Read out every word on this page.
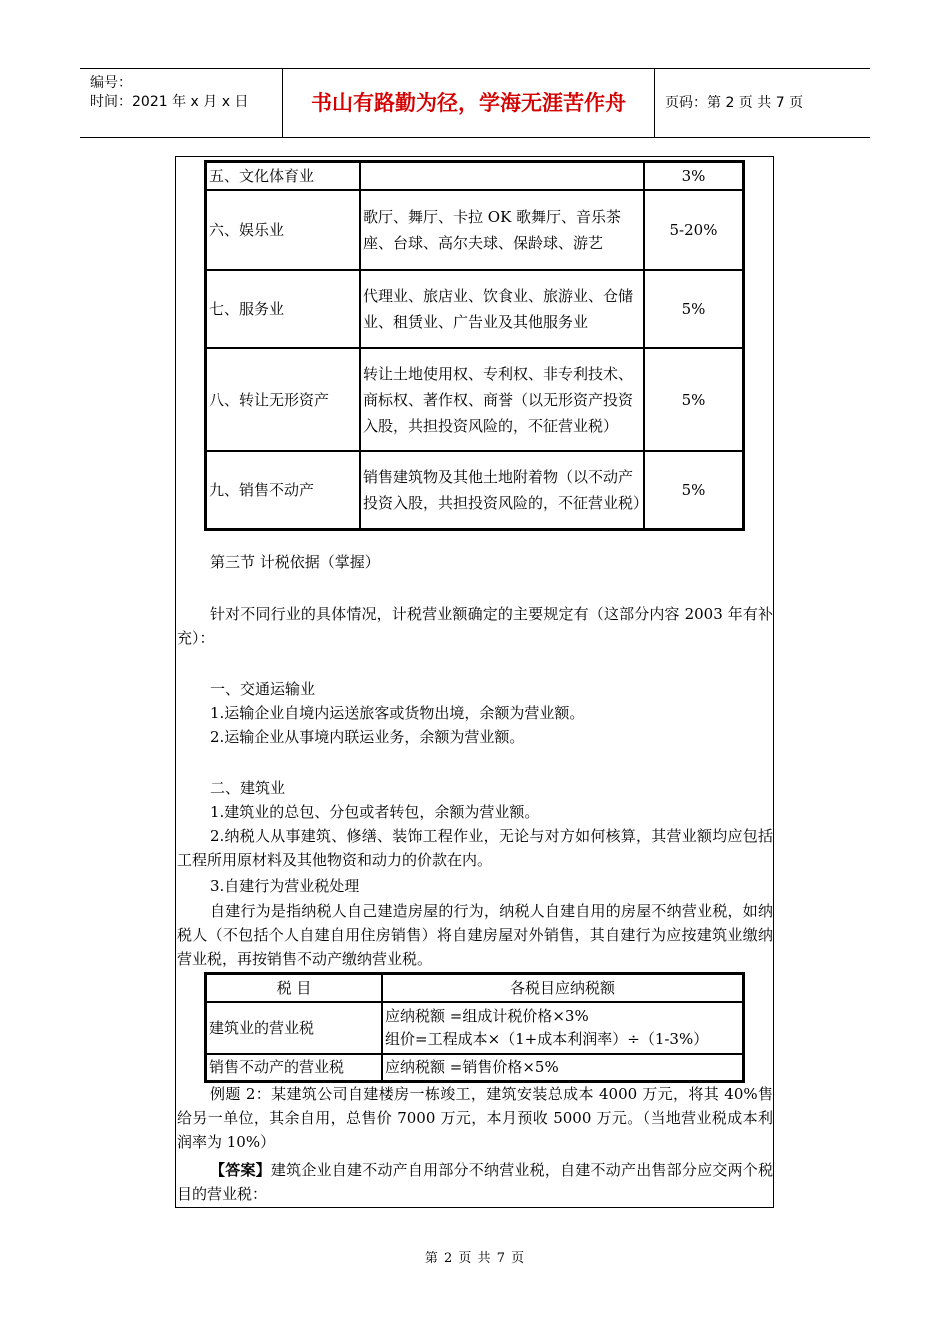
编号：
时间：2021 年 x 月 x 日	书山有路勤为径，学海无涯苦作舟	页码：第 2 页 共 7 页
五、文化体育业		3%
六、娱乐业	歌厅、舞厅、卡拉 OK 歌舞厅、音乐茶座、台球、高尔夫球、保龄球、游艺	5-20%
七、服务业	代理业、旅店业、饮食业、旅游业、仓储业、租赁业、广告业及其他服务业	5%
八、转让无形资产	转让土地使用权、专利权、非专利技术、商标权、著作权、商誉（以无形资产投资入股，共担投资风险的，不征营业税）	5%
九、销售不动产	销售建筑物及其他土地附着物（以不动产投资入股，共担投资风险的，不征营业税）	5%
第三节 计税依据（掌握）
针对不同行业的具体情况，计税营业额确定的主要规定有（这部分内容 2003 年有补充）：
一、交通运输业
1.运输企业自境内运送旅客或货物出境，余额为营业额。
2.运输企业从事境内联运业务，余额为营业额。
二、建筑业
1.建筑业的总包、分包或者转包，余额为营业额。
2.纳税人从事建筑、修缮、装饰工程作业，无论与对方如何核算，其营业额均应包括工程所用原材料及其他物资和动力的价款在内。
3.自建行为营业税处理
自建行为是指纳税人自己建造房屋的行为，纳税人自建自用的房屋不纳营业税，如纳税人（不包括个人自建自用住房销售）将自建房屋对外销售，其自建行为应按建筑业缴纳营业税，再按销售不动产缴纳营业税。
税 目	各税目应纳税额
建筑业的营业税	应纳税额 =组成计税价格×3%
组价=工程成本×（1+成本利润率）÷（1-3%）

销售不动产的营业税	应纳税额 =销售价格×5%
例题 2：某建筑公司自建楼房一栋竣工，建筑安装总成本 4000 万元，将其 40%售给另一单位，其余自用，总售价 7000 万元，本月预收 5000 万元。（当地营业税成本利润率为 10%）
【答案】建筑企业自建不动产自用部分不纳营业税，自建不动产出售部分应交两个税目的营业税：
第 2 页 共 7 页
